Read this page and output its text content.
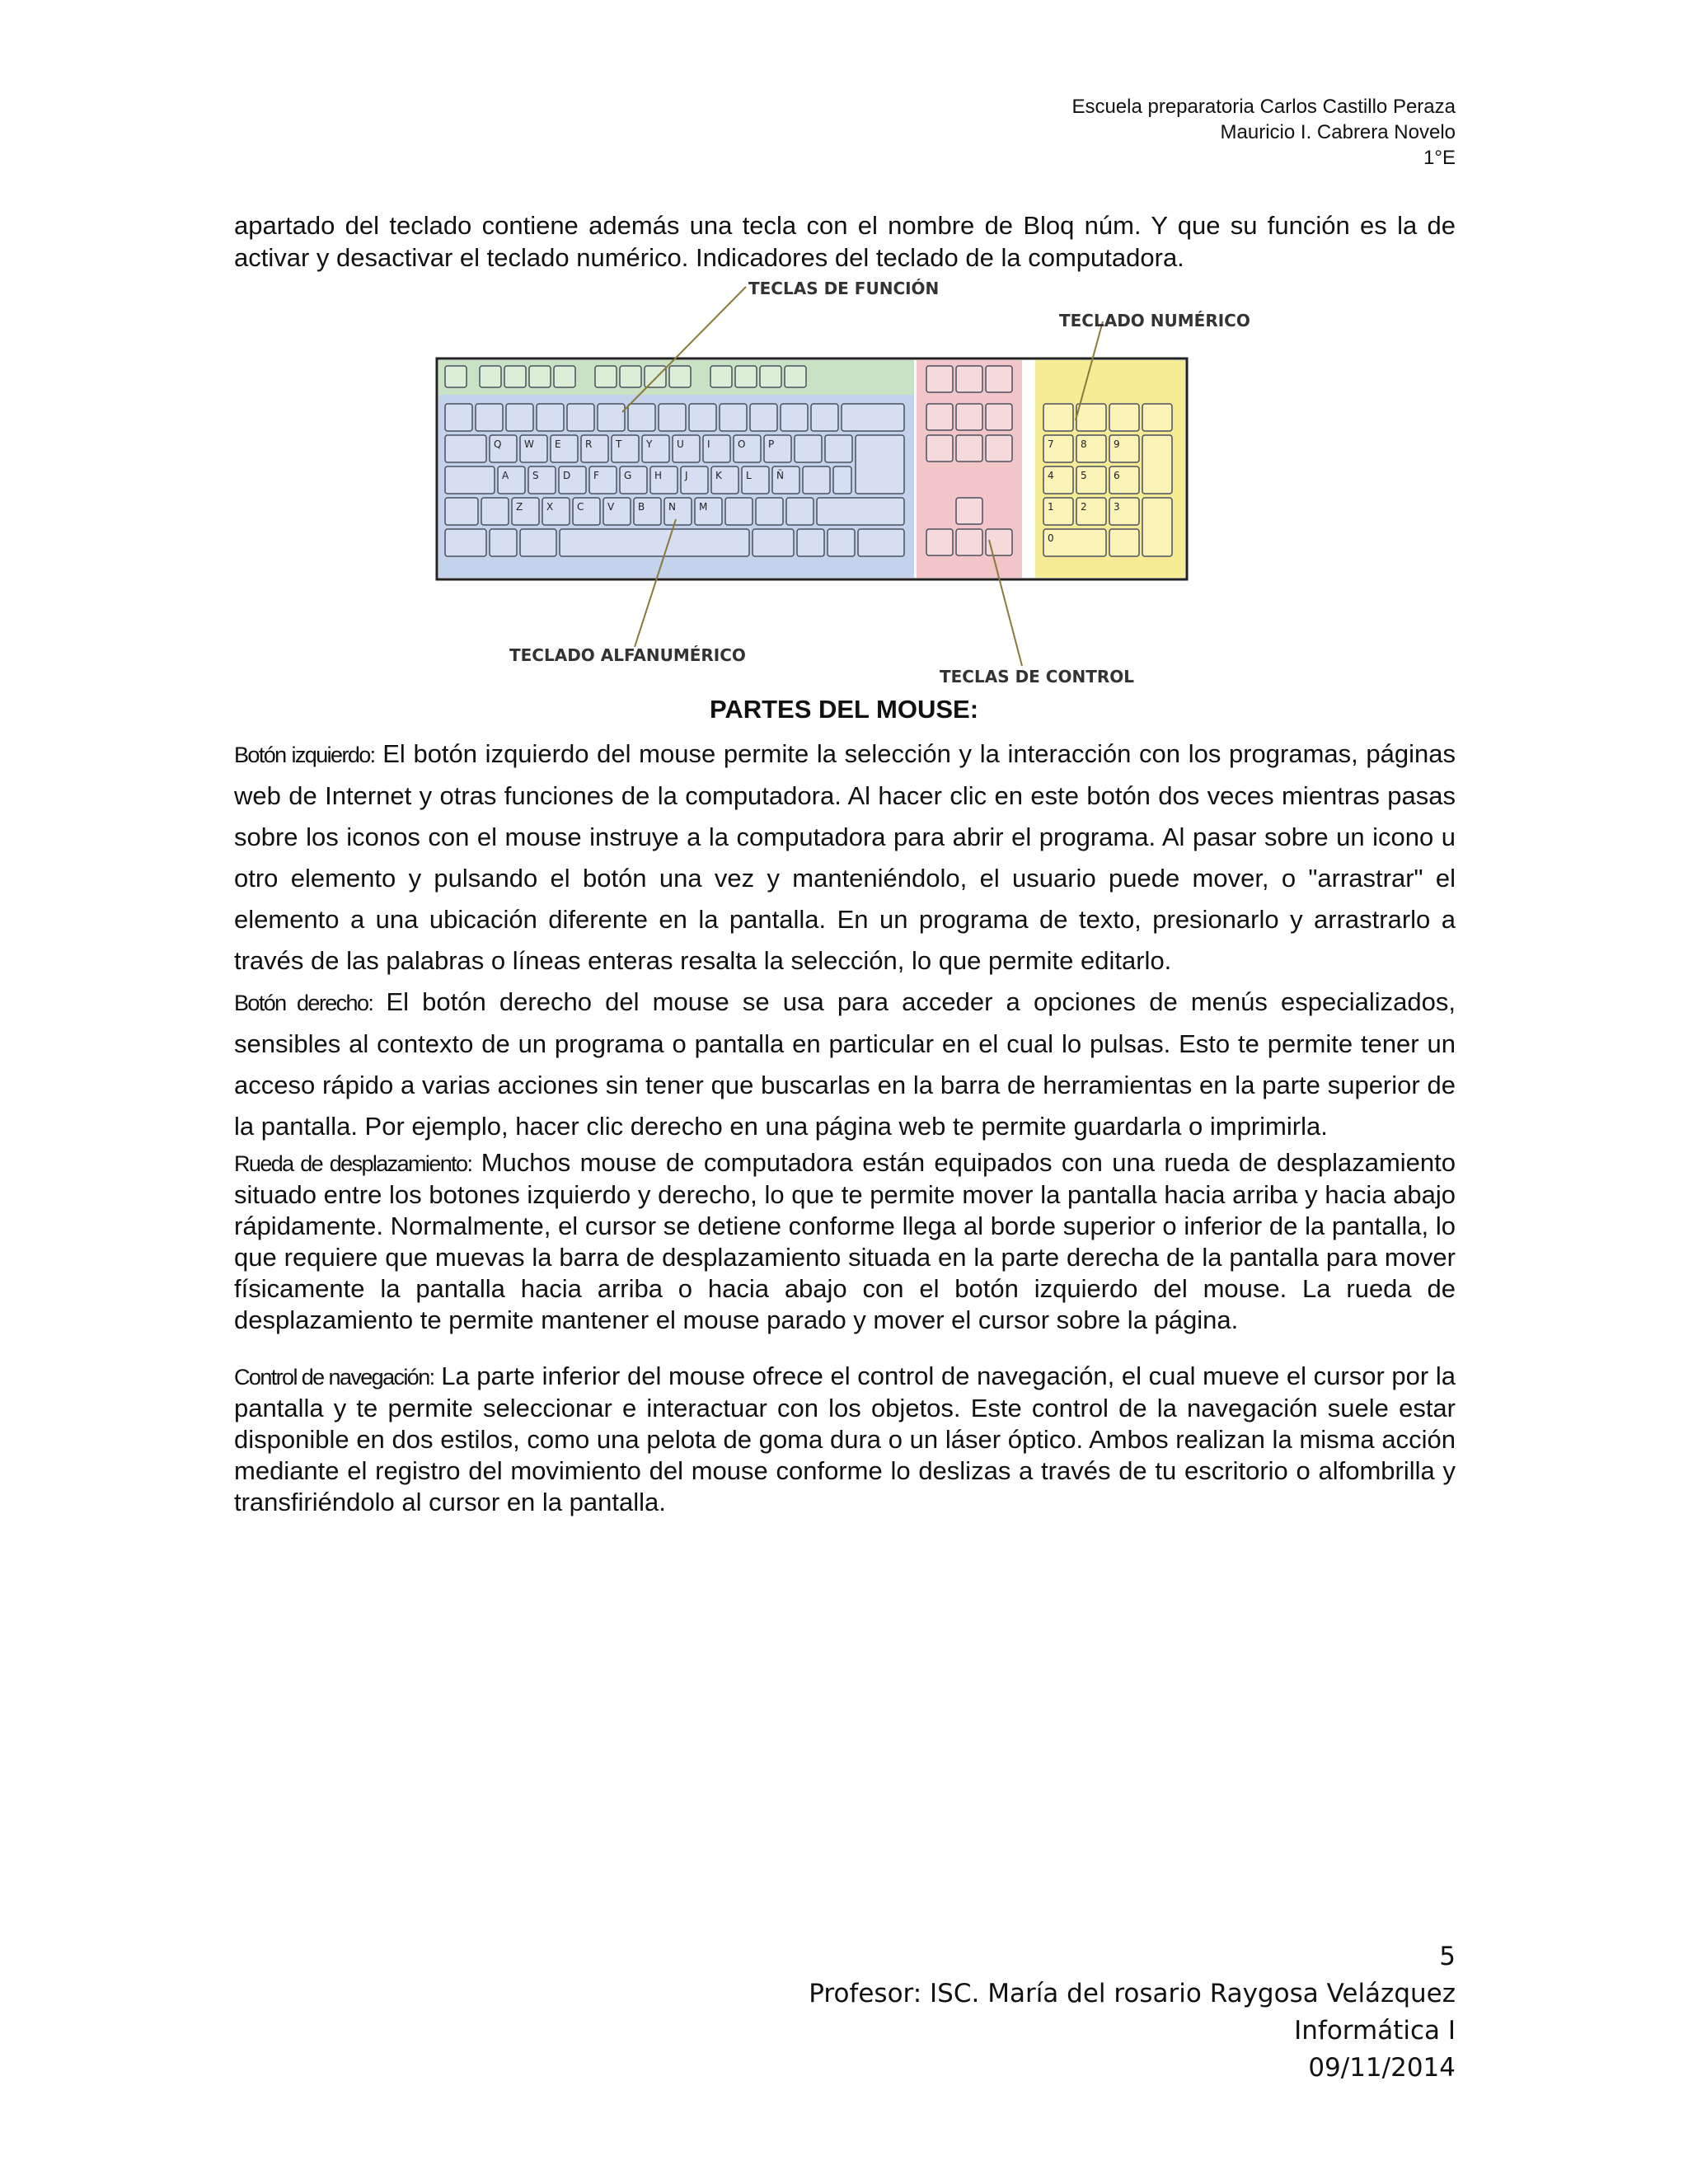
Escuela preparatoria Carlos Castillo Peraza
Mauricio I. Cabrera Novelo
1°E

apartado del teclado contiene además una tecla con el nombre de Bloq núm. Y que su función es la de activar y desactivar el teclado numérico. Indicadores del teclado de la computadora.

Q W E R T Y U I	O P
A S D F	G H J	K L	Ñ
Z X C V B N M
7	8	9
4	5	6
1	2	3
0
TECLAS DE FUNCIÓN
TECLADO NUMÉRICO
TECLADO ALFANUMÉRICO
TECLAS DE CONTROL
PARTES DEL MOUSE:

Botón izquierdo: El botón izquierdo del mouse permite la selección y la interacción con los programas, páginas web de Internet y otras funciones de la computadora. Al hacer clic en este botón dos veces mientras pasas sobre los iconos con el mouse instruye a la computadora para abrir el programa. Al pasar sobre un icono u otro elemento y pulsando el botón una vez y manteniéndolo, el usuario puede mover, o "arrastrar" el elemento a una ubicación diferente en la pantalla. En un programa de texto, presionarlo y arrastrarlo a través de las palabras o líneas enteras resalta la selección, lo que permite editarlo.

Botón derecho: El botón derecho del mouse se usa para acceder a opciones de menús especializados, sensibles al contexto de un programa o pantalla en particular en el cual lo pulsas. Esto te permite tener un acceso rápido a varias acciones sin tener que buscarlas en la barra de herramientas en la parte superior de la pantalla. Por ejemplo, hacer clic derecho en una página web te permite guardarla o imprimirla.

Rueda de desplazamiento: Muchos mouse de computadora están equipados con una rueda de desplazamiento situado entre los botones izquierdo y derecho, lo que te permite mover la pantalla hacia arriba y hacia abajo rápidamente. Normalmente, el cursor se detiene conforme llega al borde superior o inferior de la pantalla, lo que requiere que muevas la barra de desplazamiento situada en la parte derecha de la pantalla para mover físicamente la pantalla hacia arriba o hacia abajo con el botón izquierdo del mouse. La rueda de desplazamiento te permite mantener el mouse parado y mover el cursor sobre la página.

Control de navegación: La parte inferior del mouse ofrece el control de navegación, el cual mueve el cursor por la pantalla y te permite seleccionar e interactuar con los objetos. Este control de la navegación suele estar disponible en dos estilos, como una pelota de goma dura o un láser óptico. Ambos realizan la misma acción mediante el registro del movimiento del mouse conforme lo deslizas a través de tu escritorio o alfombrilla y transfiriéndolo al cursor en la pantalla.

5
Profesor: ISC. María del rosario Raygosa Velázquez
Informática I
09/11/2014
